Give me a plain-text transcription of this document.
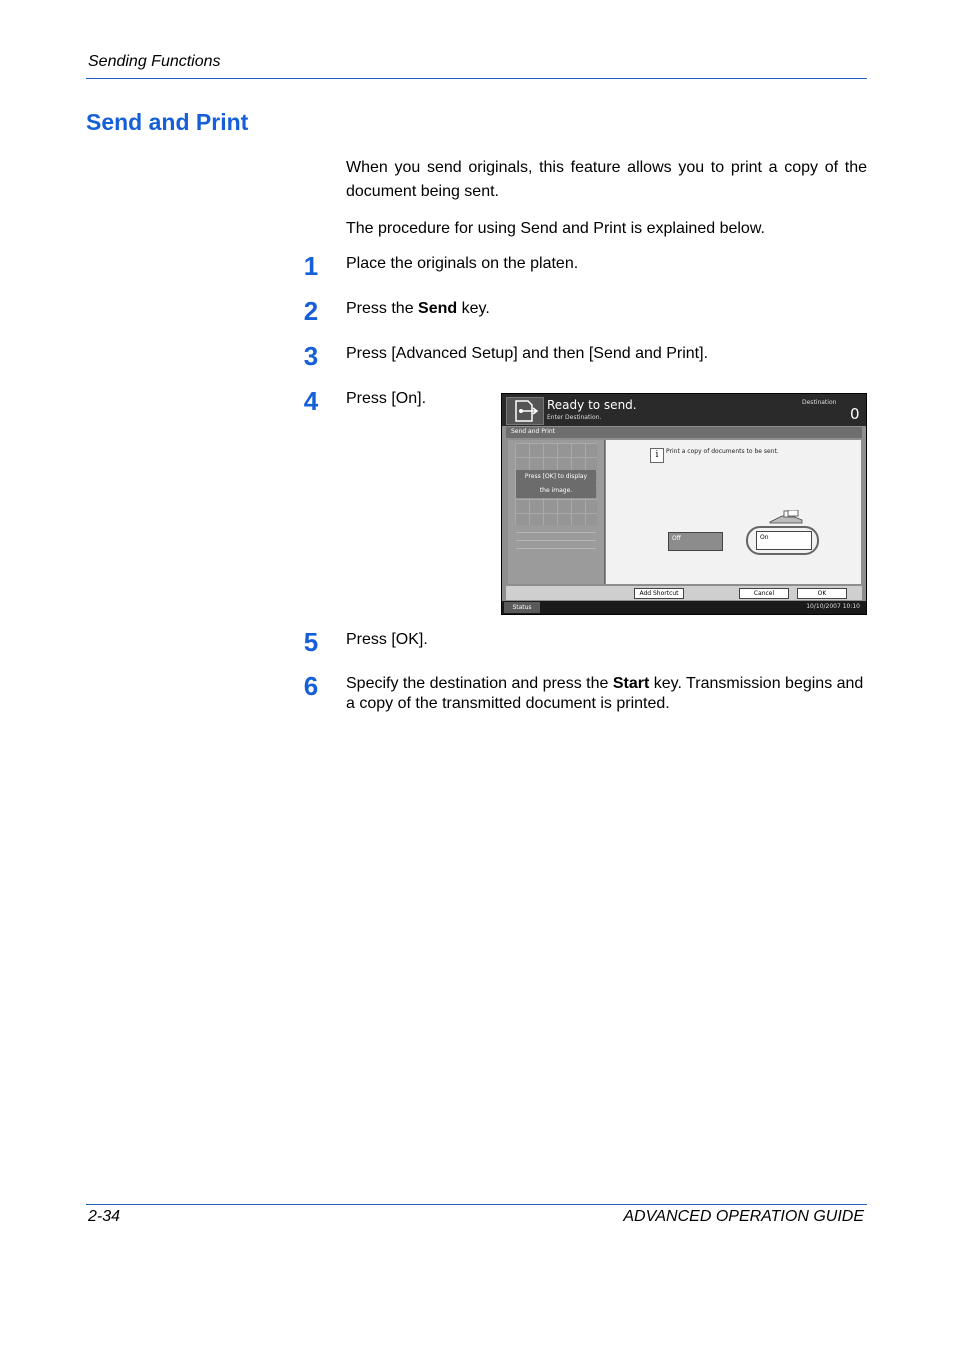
Sending Functions
Send and Print
When you send originals, this feature allows you to print a copy of the document being sent.
The procedure for using Send and Print is explained below.
1 Place the originals on the platen.
2 Press the Send key.
3 Press [Advanced Setup] and then [Send and Print].
4 Press [On].	Ready to send.
Enter Destination.
Destination
0
Send and Print
Press [OK] to display
the image.
i	Print a copy of documents to be sent.
Off	On
Add Shortcut	Cancel	OK
Status	10/10/2007 10:10
5 Press [OK].
6 Specify the destination and press the Start key. Transmission begins and a copy of the transmitted document is printed.
2-34	ADVANCED OPERATION GUIDE
